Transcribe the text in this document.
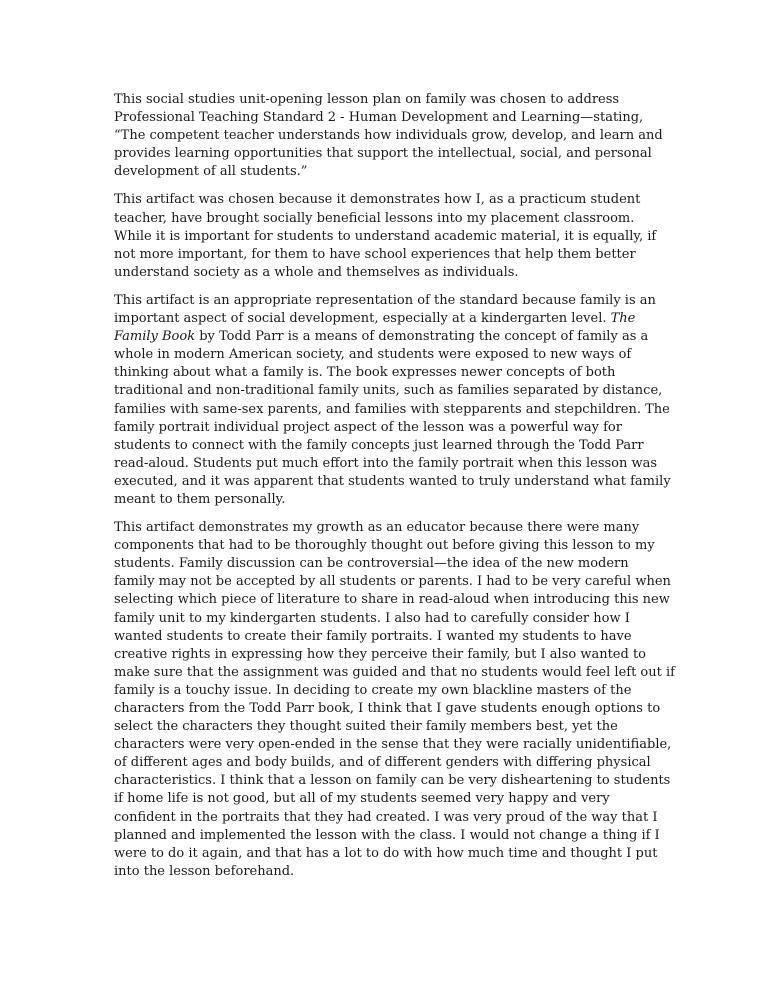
This social studies unit-opening lesson plan on family was chosen to address
Professional Teaching Standard 2 - Human Development and Learning—stating,
“The competent teacher understands how individuals grow, develop, and learn and
provides learning opportunities that support the intellectual, social, and personal
development of all students.”
This artifact was chosen because it demonstrates how I, as a practicum student
teacher, have brought socially beneficial lessons into my placement classroom.
While it is important for students to understand academic material, it is equally, if
not more important, for them to have school experiences that help them better
understand society as a whole and themselves as individuals.
This artifact is an appropriate representation of the standard because family is an
important aspect of social development, especially at a kindergarten level. The
Family Book by Todd Parr is a means of demonstrating the concept of family as a
whole in modern American society, and students were exposed to new ways of
thinking about what a family is. The book expresses newer concepts of both
traditional and non-traditional family units, such as families separated by distance,
families with same-sex parents, and families with stepparents and stepchildren. The
family portrait individual project aspect of the lesson was a powerful way for
students to connect with the family concepts just learned through the Todd Parr
read-aloud. Students put much effort into the family portrait when this lesson was
executed, and it was apparent that students wanted to truly understand what family
meant to them personally.
This artifact demonstrates my growth as an educator because there were many
components that had to be thoroughly thought out before giving this lesson to my
students. Family discussion can be controversial—the idea of the new modern
family may not be accepted by all students or parents. I had to be very careful when
selecting which piece of literature to share in read-aloud when introducing this new
family unit to my kindergarten students. I also had to carefully consider how I
wanted students to create their family portraits. I wanted my students to have
creative rights in expressing how they perceive their family, but I also wanted to
make sure that the assignment was guided and that no students would feel left out if
family is a touchy issue. In deciding to create my own blackline masters of the
characters from the Todd Parr book, I think that I gave students enough options to
select the characters they thought suited their family members best, yet the
characters were very open-ended in the sense that they were racially unidentifiable,
of different ages and body builds, and of different genders with differing physical
characteristics. I think that a lesson on family can be very disheartening to students
if home life is not good, but all of my students seemed very happy and very
confident in the portraits that they had created. I was very proud of the way that I
planned and implemented the lesson with the class. I would not change a thing if I
were to do it again, and that has a lot to do with how much time and thought I put
into the lesson beforehand.
